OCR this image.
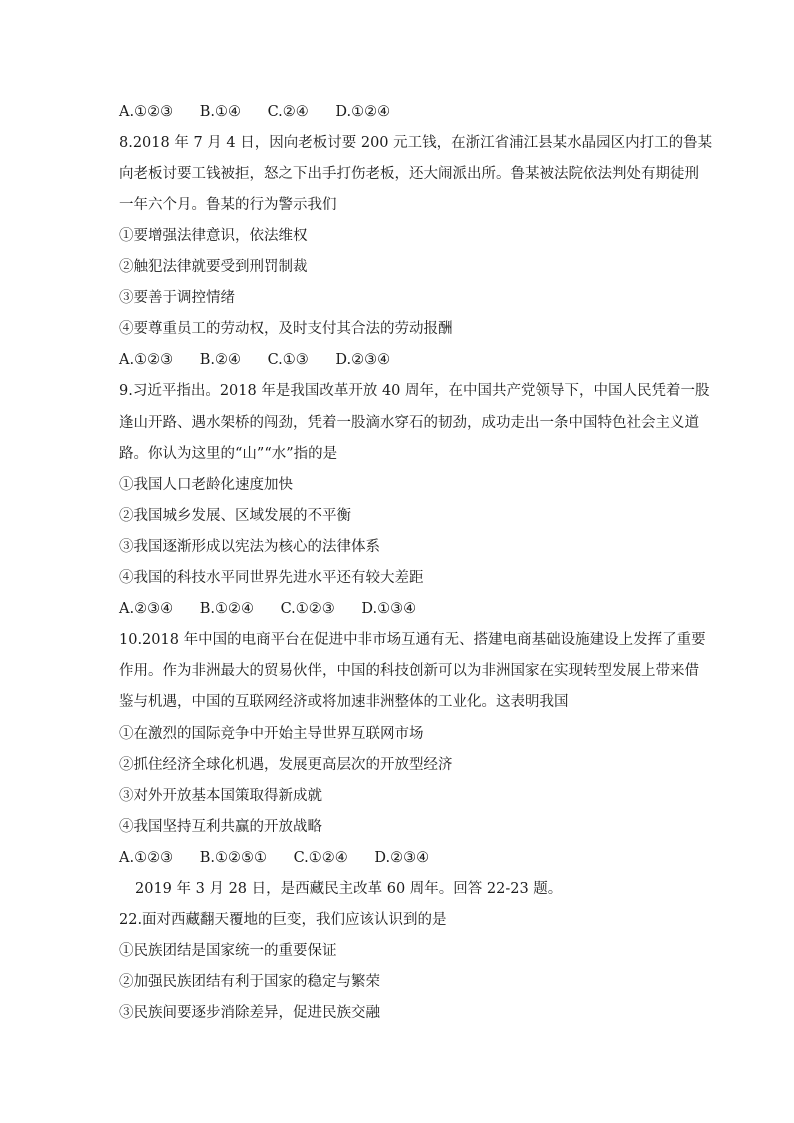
A.①②③ B.①④ C.②④ D.①②④
8.2018 年 7 月 4 日，因向老板讨要 200 元工钱，在浙江省浦江县某水晶园区内打工的鲁某
向老板讨要工钱被拒，怒之下出手打伤老板，还大闹派出所。鲁某被法院依法判处有期徒刑
一年六个月。鲁某的行为警示我们
①要增强法律意识，依法维权
②触犯法律就要受到刑罚制裁
③要善于调控情绪
④要尊重员工的劳动权，及时支付其合法的劳动报酬
A.①②③ B.②④ C.①③ D.②③④
9.习近平指出。2018 年是我国改革开放 40 周年，在中国共产党领导下，中国人民凭着一股
逢山开路、遇水架桥的闯劲，凭着一股滴水穿石的韧劲，成功走出一条中国特色社会主义道
路。你认为这里的“山”“水”指的是
①我国人口老龄化速度加快
②我国城乡发展、区域发展的不平衡
③我国逐渐形成以宪法为核心的法律体系
④我国的科技水平同世界先进水平还有较大差距
A.②③④ B.①②④ C.①②③ D.①③④
10.2018 年中国的电商平台在促进中非市场互通有无、搭建电商基础设施建设上发挥了重要
作用。作为非洲最大的贸易伙伴，中国的科技创新可以为非洲国家在实现转型发展上带来借
鉴与机遇，中国的互联网经济或将加速非洲整体的工业化。这表明我国
①在激烈的国际竞争中开始主导世界互联网市场
②抓住经济全球化机遇，发展更高层次的开放型经济
③对外开放基本国策取得新成就
④我国坚持互利共赢的开放战略
A.①②③ B.①②⑤① C.①②④ D.②③④
2019 年 3 月 28 日，是西藏民主改革 60 周年。回答 22-23 题。
22.面对西藏翻天覆地的巨变，我们应该认识到的是
①民族团结是国家统一的重要保证
②加强民族团结有利于国家的稳定与繁荣
③民族间要逐步消除差异，促进民族交融
